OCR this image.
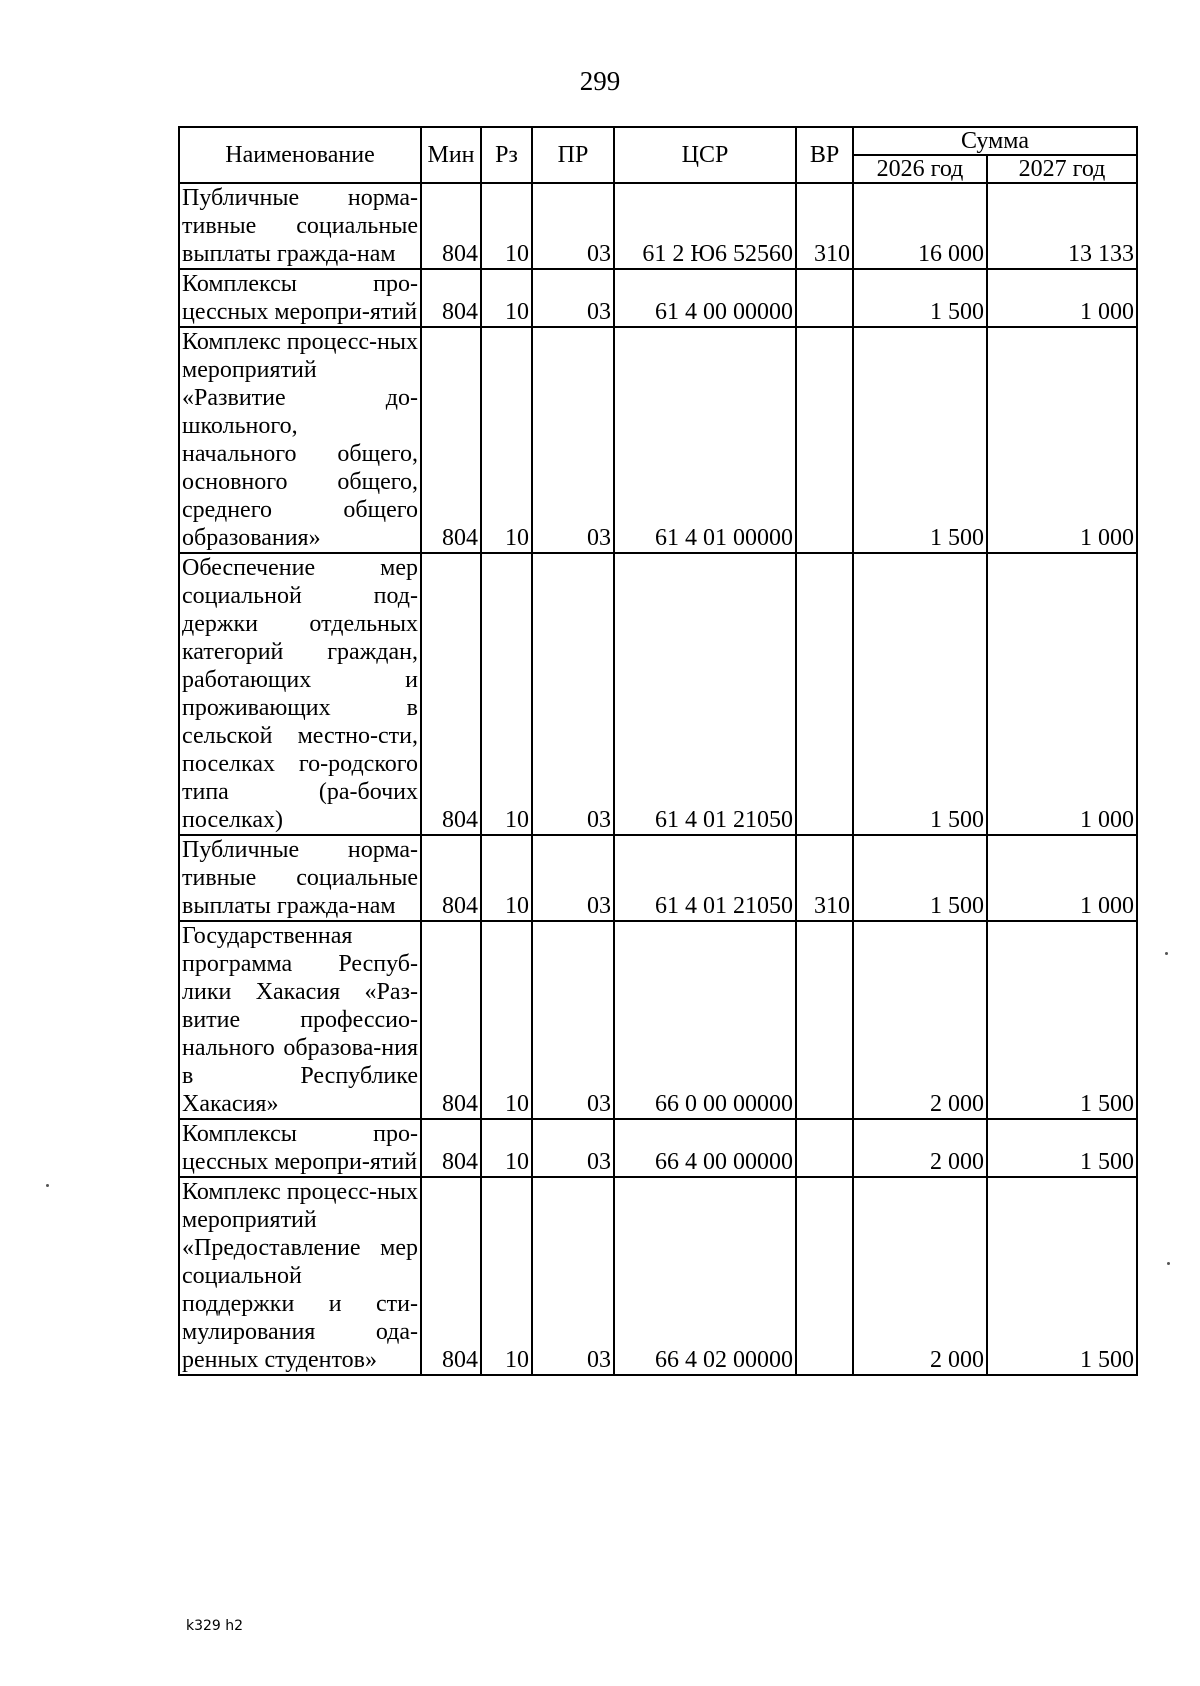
299
Наименование	Мин	Рз	ПР	ЦСР	ВР	Сумма	
						2026 год	2027 год
Публичные норма-тивные социальные выплаты гражда-нам	804	10	03	61 2 Ю6 52560	310	16 000	13 133
Комплексы про-цессных меропри-ятий	804	10	03	61 4 00 00000		1 500	1 000
Комплекс процесс-ных мероприятий «Развитие до-школьного, начального общего, основного общего, среднего общего образования»	804	10	03	61 4 01 00000		1 500	1 000
Обеспечение мер социальной под-держки отдельных категорий граждан, работающих и проживающих в сельской местно-сти, поселках го-родского типа (ра-бочих поселках)	804	10	03	61 4 01 21050		1 500	1 000
Публичные норма-тивные социальные выплаты гражда-нам	804	10	03	61 4 01 21050	310	1 500	1 000
Государственная программа Респуб-лики Хакасия «Раз-витие профессио-нального образова-ния в Республике Хакасия»	804	10	03	66 0 00 00000		2 000	1 500
Комплексы про-цессных меропри-ятий	804	10	03	66 4 00 00000		2 000	1 500
Комплекс процесс-ных мероприятий «Предоставление мер социальной поддержки и сти-мулирования ода-ренных студентов»	804	10	03	66 4 02 00000		2 000	1 500
k329 h2
